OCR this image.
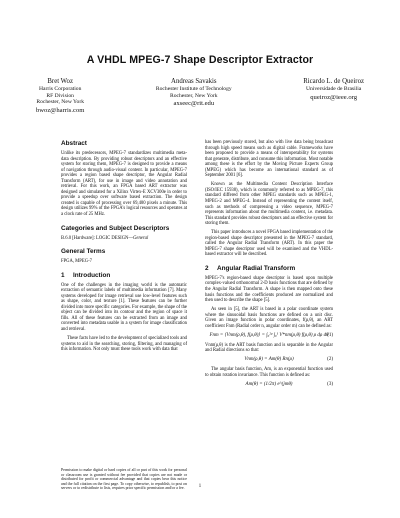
A VHDL MPEG-7 Shape Descriptor Extractor
Bret Woz
Harris Corporation
RF Division
Rochester, New York
bwoz@harris.com
Andreas Savakis
Rochester Institute of Technology
Rochester, New York
axseec@rit.edu
Ricardo L. de Queiroz
Universidade de Brasilia
queiroz@ieee.org
Abstract

Unlike its predecessors, MPEG-7 standardizes multimedia meta-data description. By providing robust descriptors and an effective system for storing them, MPEG-7 is designed to provide a means of navigation through audio-visual content. In particular, MPEG-7 provides a region based shape descriptor, the Angular Radial Transform (ART), for use in image and video annotation and retrieval. For this work, an FPGA based ART extractor was designed and simulated for a Xilinx Virtex-E XCV300e in order to provide a speedup over software based extraction. The design created is capable of processing over 69,400 pixels a minute. This design utilizes 99% of the FPGA's logical resources and operates at a clock rate of 25 MHz.

Categories and Subject Descriptors

B.6.0 [Hardware]: LOGIC DESIGN—General

General Terms

FPGA, MPEG-7

1 Introduction

One of the challenges in the imaging world is the automatic extraction of semantic labels of multimedia information [7]. Many systems developed for image retrieval use low-level features such as shape, color, and texture [1]. These features can be further divided into more specific categories. For example, the shape of the object can be divided into its contour and the region of space it fills. All of these features can be extracted from an image and converted into metadata usable in a system for image classification and retrieval.

These facts have led to the development of specialized tools and systems to aid in the searching, storing, filtering, and managing of this information. Not only must these tools work with data that

Permission to make digital or hard copies of all or part of this work for personal or classroom use is granted without fee provided that copies are not made or distributed for profit or commercial advantage and that copies bear this notice and the full citation on the first page. To copy otherwise, to republish, to post on servers or to redistribute to lists, requires prior specific permission and/or a fee.

has been previously stored, but also with live data being broadcast through high speed means such as digital cable. Frameworks have been proposed to provide a means of interoperability for systems that generate, distribute, and consume this information. Most notable among these is the effort by the Moving Picture Experts Group (MPEG) which has become an international standard as of September 2001 [6].

Known as the Multimedia Content Description Interface (ISO/IEC 15938), which is commonly referred to as MPEG-7, this standard differed from other MPEG standards such as MPEG-1, MPEG-2 and MPEG-4. Instead of representing the content itself, such as methods of compressing a video sequence, MPEG-7 represents information about the multimedia content, i.e. metadata. This standard provides robust descriptors and an effective system for storing them.

This paper introduces a novel FPGA based implementation of the region-based shape descriptor presented in the MPEG-7 standard, called the Angular Radial Transform (ART). In this paper the MPEG-7 shape descriptor used will be examined and the VHDL-based extractor will be described.

2 Angular Radial Transform

MPEG-7's region-based shape descriptor is based upon multiple complex-valued orthonormal 2-D basis functions that are defined by the Angular Radial Transform. A shape is then mapped onto these basis functions and the coefficients produced are normalized and then used to describe the shape [5].

As seen in [5], the ART is based in a polar coordinate system where the sinusoidal basis functions are defined on a unit disc. Given an image function in polar coordinates, f(ρ,θ), an ART coefficient Fnm (Radial order n, angular order m) can be defined as:

Fnm = ⟨Vnm(ρ,θ), f(ρ,θ)⟩ = ∫₀²ᵖ ∫₀¹ V*nm(ρ,θ) f(ρ,θ) ρ dρ dθ
(1)

Vnm(ρ,θ) is the ART basis function and is separable in the Angular and Radial directions so that:

Vnm(ρ,θ) = Am(θ) Rn(ρ)	(2)

The angular basis function, Am, is an exponential function used to obtain rotation invariance. This function is defined as:

Am(θ) = (1/2π) e^(jmθ)	(3)
1
